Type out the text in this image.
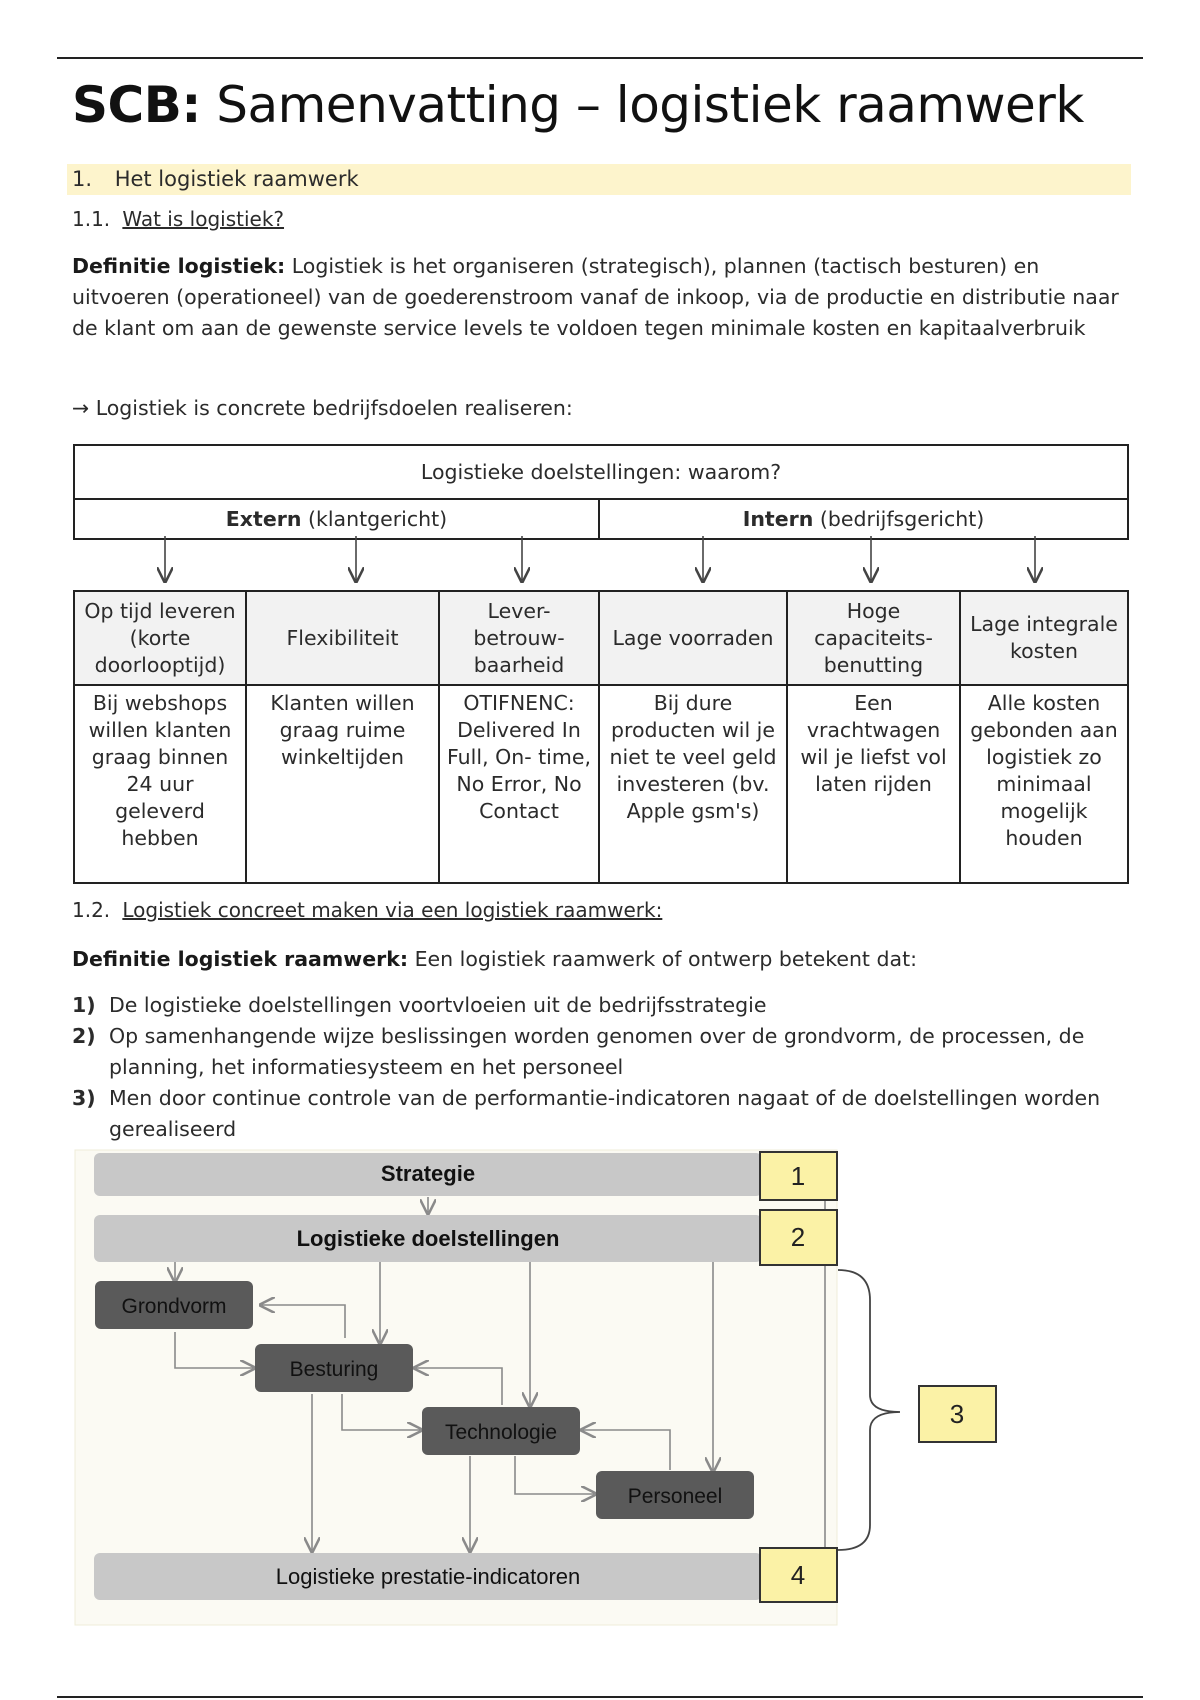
SCB: Samenvatting – logistiek raamwerk
1. Het logistiek raamwerk
1.1. Wat is logistiek?
Definitie logistiek: Logistiek is het organiseren (strategisch), plannen (tactisch besturen) en uitvoeren (operationeel) van de goederenstroom vanaf de inkoop, via de productie en distributie naar de klant om aan de gewenste service levels te voldoen tegen minimale kosten en kapitaalverbruik
→ Logistiek is concrete bedrijfsdoelen realiseren:
Logistieke doelstellingen: waarom?					
Extern (klantgericht)			Intern (bedrijfsgericht)		

Op tijd leveren (korte doorlooptijd)	Flexibiliteit	Lever- betrouw- baarheid	Lage voorraden	Hoge capaciteits- benutting	Lage integrale kosten
Bij webshops willen klanten graag binnen 24 uur geleverd hebben	Klanten willen graag ruime winkeltijden	OTIFNENC: Delivered In Full, On- time, No Error, No Contact	Bij dure producten wil je niet te veel geld investeren (bv. Apple gsm's)	Een vrachtwagen wil je liefst vol laten rijden	Alle kosten gebonden aan logistiek zo minimaal mogelijk houden
1.2. Logistiek concreet maken via een logistiek raamwerk:
Definitie logistiek raamwerk: Een logistiek raamwerk of ontwerp betekent dat:
1) De logistieke doelstellingen voortvloeien uit de bedrijfsstrategie
2) Op samenhangende wijze beslissingen worden genomen over de grondvorm, de processen, de planning, het informatiesysteem en het personeel
3) Men door continue controle van de performantie-indicatoren nagaat of de doelstellingen worden gerealiseerd
Strategie
Logistieke doelstellingen
Grondvorm
Besturing
Technologie
Personeel
Logistieke prestatie-indicatoren
1
2
3
4
